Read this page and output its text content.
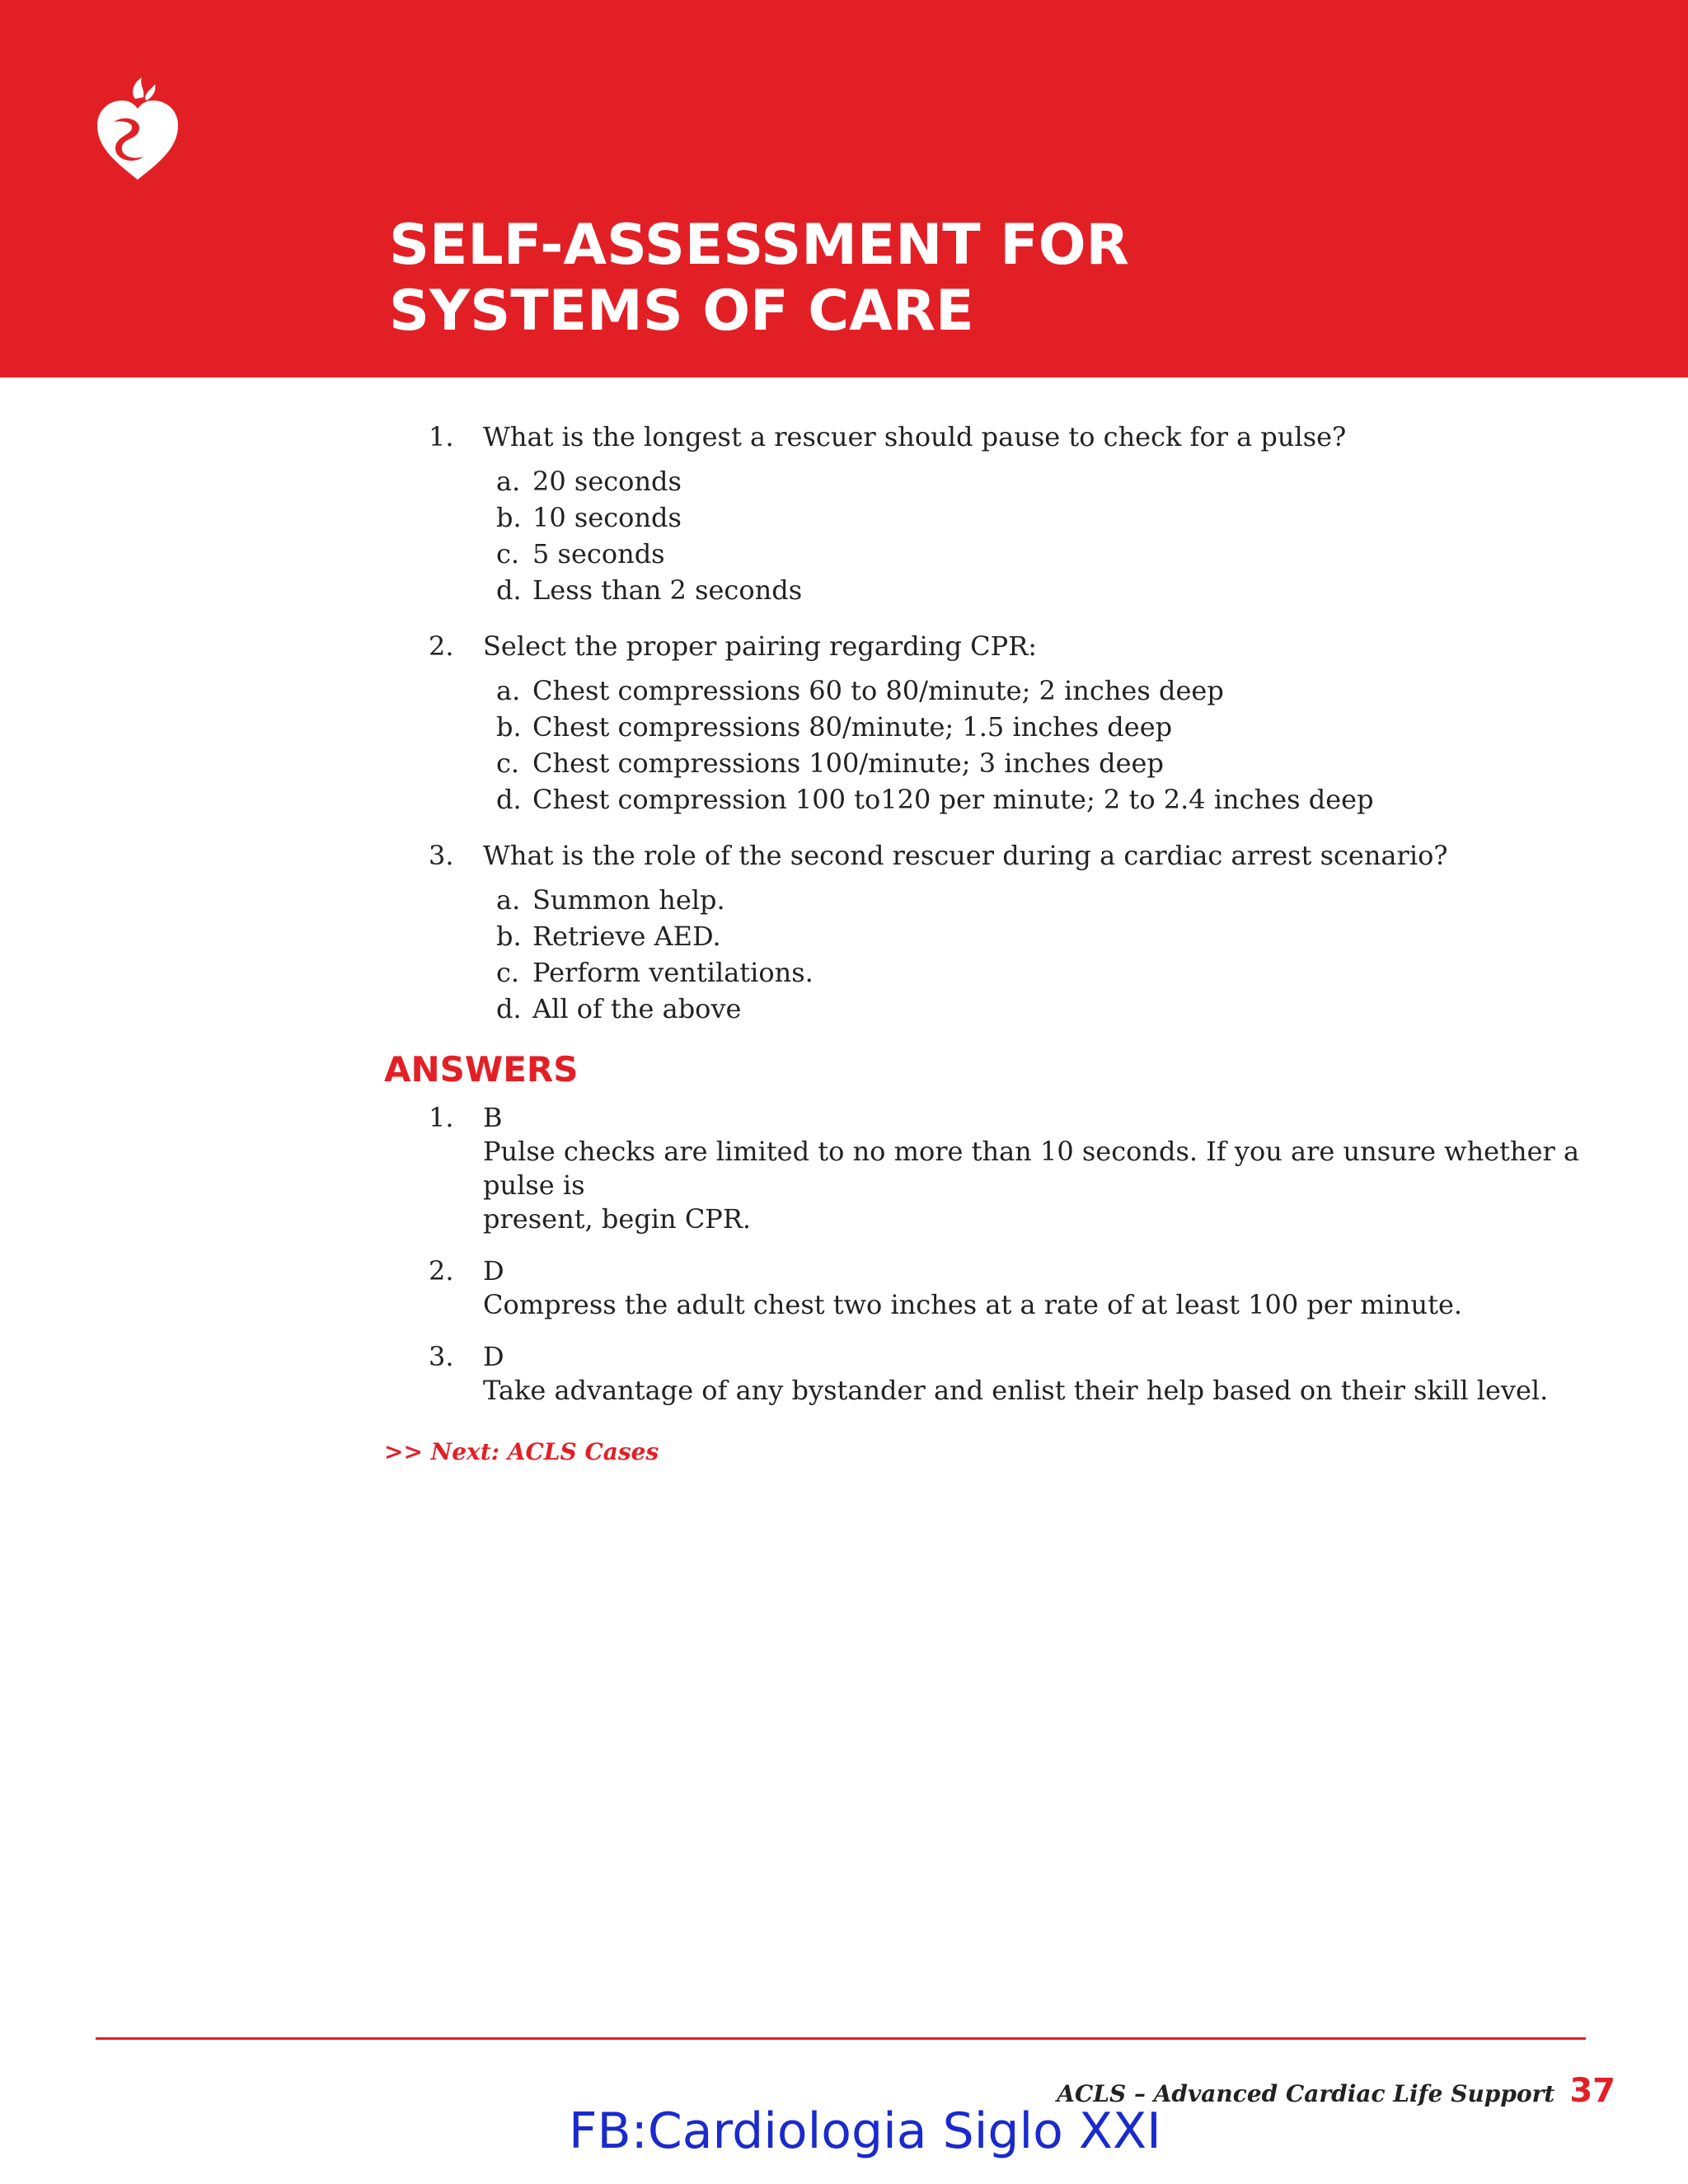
SELF-ASSESSMENT FOR
SYSTEMS OF CARE
1.	What is the longest a rescuer should pause to check for a pulse?
a. 20 seconds
b. 10 seconds
c. 5 seconds
d. Less than 2 seconds
2.	Select the proper pairing regarding CPR:
a. Chest compressions 60 to 80/minute; 2 inches deep
b. Chest compressions 80/minute; 1.5 inches deep
c. Chest compressions 100/minute; 3 inches deep
d. Chest compression 100 to120 per minute; 2 to 2.4 inches deep
3.	What is the role of the second rescuer during a cardiac arrest scenario?
a. Summon help.
b. Retrieve AED.
c. Perform ventilations.
d. All of the above
ANSWERS
1.	B
Pulse checks are limited to no more than 10 seconds. If you are unsure whether a pulse is
present, begin CPR.
2.	D
Compress the adult chest two inches at a rate of at least 100 per minute.
3.	D
Take advantage of any bystander and enlist their help based on their skill level.
>> Next: ACLS Cases
ACLS – Advanced Cardiac Life Support 37
FB:Cardiologia Siglo XXI
